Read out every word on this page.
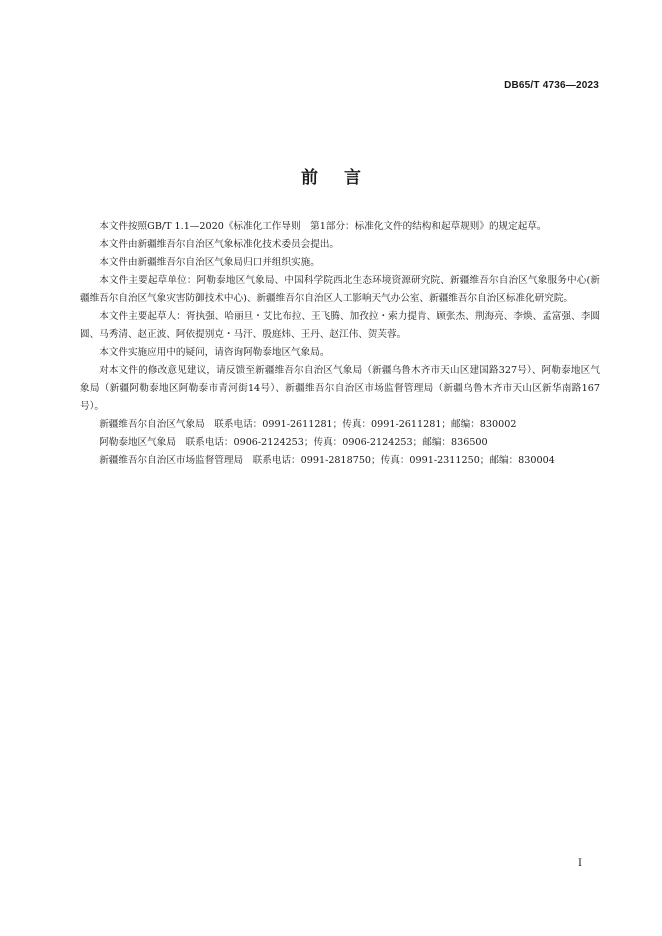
DB65/T 4736—2023
前言

本文件按照GB/T 1.1—2020《标准化工作导则　第1部分：标准化文件的结构和起草规则》的规定起草。

本文件由新疆维吾尔自治区气象标准化技术委员会提出。

本文件由新疆维吾尔自治区气象局归口并组织实施。

本文件主要起草单位：阿勒泰地区气象局、中国科学院西北生态环境资源研究院、新疆维吾尔自治区气象服务中心(新疆维吾尔自治区气象灾害防御技术中心)、新疆维吾尔自治区人工影响天气办公室、新疆维吾尔自治区标准化研究院。

本文件主要起草人：胥执强、哈丽旦・艾比布拉、王飞腾、加孜拉・索力提肯、顾张杰、荆海亮、李焕、孟富强、李圆圆、马秀清、赵正波、阿依提别克・马汗、殷庭炜、王丹、赵江伟、贺芙蓉。

本文件实施应用中的疑问，请咨询阿勒泰地区气象局。

对本文件的修改意见建议，请反馈至新疆维吾尔自治区气象局（新疆乌鲁木齐市天山区建国路327号）、阿勒泰地区气象局（新疆阿勒泰地区阿勒泰市青河街14号）、新疆维吾尔自治区市场监督管理局（新疆乌鲁木齐市天山区新华南路167号）。

新疆维吾尔自治区气象局　联系电话：0991-2611281；传真：0991-2611281；邮编：830002

阿勒泰地区气象局　联系电话：0906-2124253；传真：0906-2124253；邮编：836500

新疆维吾尔自治区市场监督管理局　联系电话：0991-2818750；传真：0991-2311250；邮编：830004

I
